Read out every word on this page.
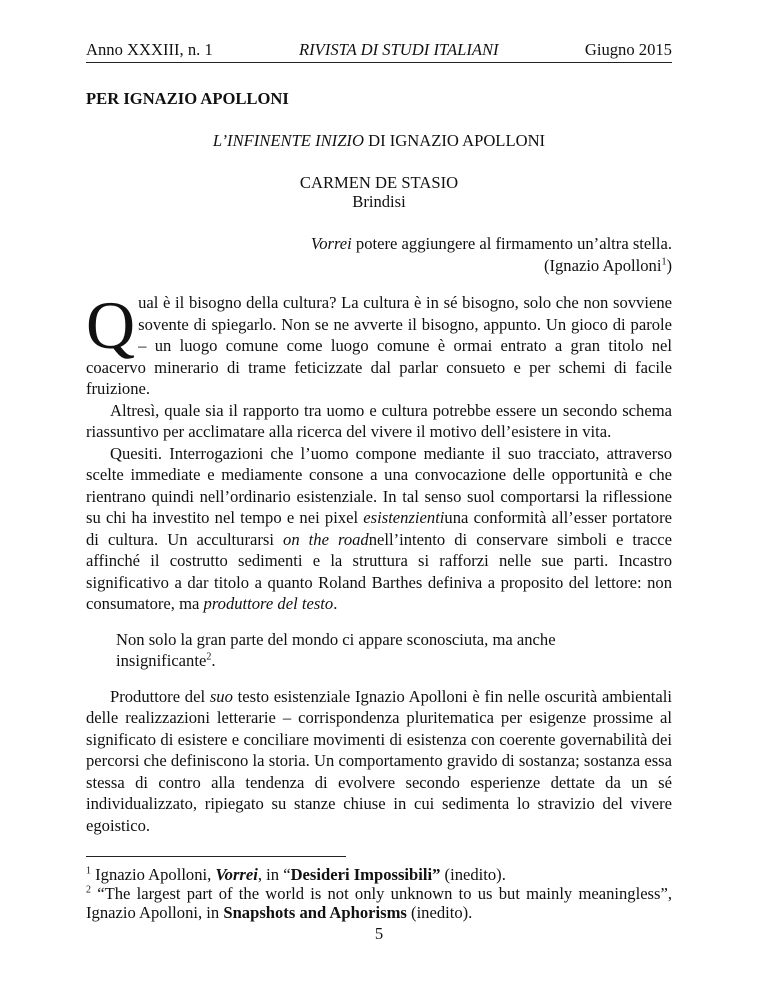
Anno XXXIII, n. 1	RIVISTA DI STUDI ITALIANI	Giugno 2015
PER IGNAZIO APOLLONI
L’INFINENTE INIZIO DI IGNAZIO APOLLONI
CARMEN DE STASIO
Brindisi
Vorrei potere aggiungere al firmamento un’altra stella.
(Ignazio Apolloni$^1$)

Qual è il bisogno della cultura? La cultura è in sé bisogno, solo che non sovviene sovente di spiegarlo. Non se ne avverte il bisogno, appunto. Un gioco di parole – un luogo comune come luogo comune è ormai entrato a gran titolo nel coacervo minerario di trame feticizzate dal parlar consueto e per schemi di facile fruizione.

Altresì, quale sia il rapporto tra uomo e cultura potrebbe essere un secondo schema riassuntivo per acclimatare alla ricerca del vivere il motivo dell’esistere in vita.

Quesiti. Interrogazioni che l’uomo compone mediante il suo tracciato, attraverso scelte immediate e mediamente consone a una convocazione delle opportunità e che rientrano quindi nell’ordinario esistenziale. In tal senso suol comportarsi la riflessione su chi ha investito nel tempo e nei pixel esistenzientiuna conformità all’esser portatore di cultura. Un acculturarsi on the roadnell’intento di conservare simboli e tracce affinché il costrutto sedimenti e la struttura si rafforzi nelle sue parti. Incastro significativo a dar titolo a quanto Roland Barthes definiva a proposito del lettore: non consumatore, ma produttore del testo.

Non solo la gran parte del mondo ci appare sconosciuta, ma anche insignificante$^2$.

Produttore del suo testo esistenziale Ignazio Apolloni è fin nelle oscurità ambientali delle realizzazioni letterarie – corrispondenza pluritematica per esigenze prossime al significato di esistere e conciliare movimenti di esistenza con coerente governabilità dei percorsi che definiscono la storia. Un comportamento gravido di sostanza; sostanza essa stessa di contro alla tendenza di evolvere secondo esperienze dettate da un sé individualizzato, ripiegato su stanze chiuse in cui sedimenta lo stravizio del vivere egoistico.

$^1$ Ignazio Apolloni, Vorrei, in “Desideri Impossibili” (inedito).
$^2$ “The largest part of the world is not only unknown to us but mainly meaningless”, Ignazio Apolloni, in Snapshots and Aphorisms (inedito).
5
